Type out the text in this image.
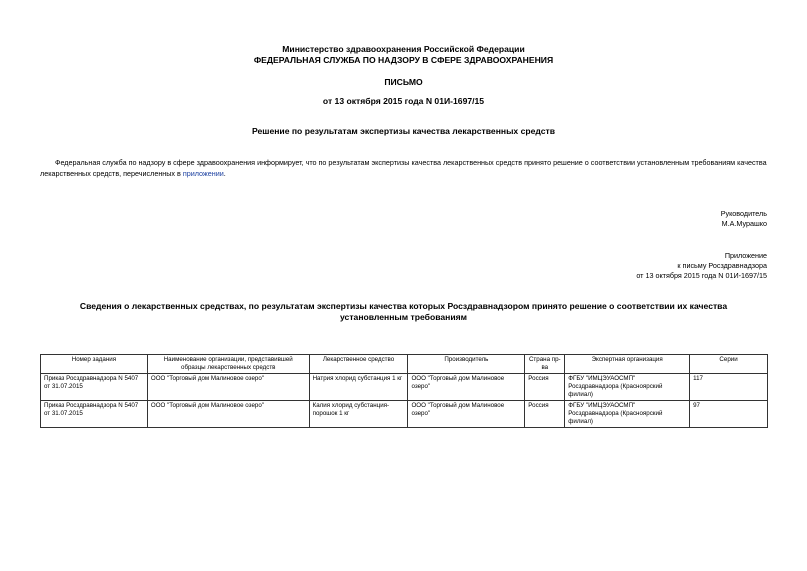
Министерство здравоохранения Российской Федерации
ФЕДЕРАЛЬНАЯ СЛУЖБА ПО НАДЗОРУ В СФЕРЕ ЗДРАВООХРАНЕНИЯ
ПИСЬМО
от 13 октября 2015 года N 01И-1697/15
Решение по результатам экспертизы качества лекарственных средств
Федеральная служба по надзору в сфере здравоохранения информирует, что по результатам экспертизы качества лекарственных средств принято решение о соответствии установленным требованиям качества лекарственных средств, перечисленных в приложении.
Руководитель
М.А.Мурашко
Приложение
к письму Росздравнадзора
от 13 октября 2015 года N 01И-1697/15
Сведения о лекарственных средствах, по результатам экспертизы качества которых Росздравнадзором принято решение о соответствии их качества установленным требованиям
Номер задания	Наименование организации, представившей образцы лекарственных средств	Лекарственное средство	Производитель	Страна пр-ва	Экспертная организация	Серии
Приказ Росздравнадзора N 5407 от 31.07.2015	ООО "Торговый дом Малиновое озеро"	Натрия хлорид субстанция 1 кг	ООО "Торговый дом Малиновое озеро"	Россия	ФГБУ "ИМЦЭУАОСМП" Росздравнадзора (Красноярский филиал)	117
Приказ Росздравнадзора N 5407 от 31.07.2015	ООО "Торговый дом Малиновое озеро"	Калия хлорид субстанция-порошок 1 кг	ООО "Торговый дом Малиновое озеро"	Россия	ФГБУ "ИМЦЭУАОСМП" Росздравнадзора (Красноярский филиал)	97
